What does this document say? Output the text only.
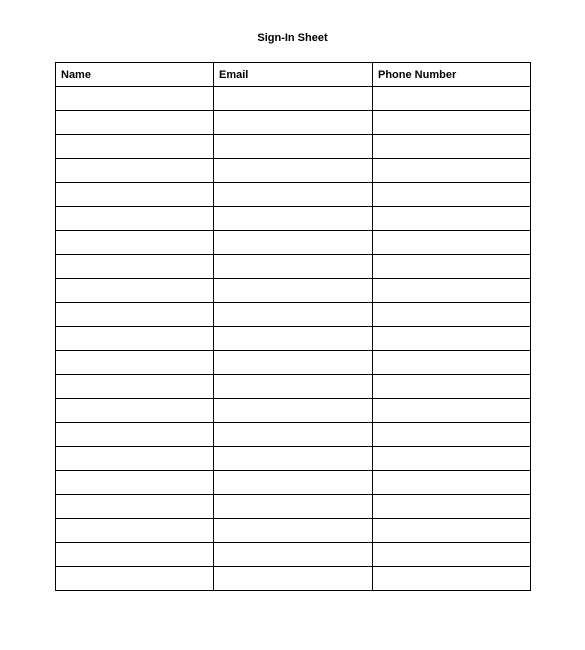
Sign-In Sheet
Name	Email	Phone Number
